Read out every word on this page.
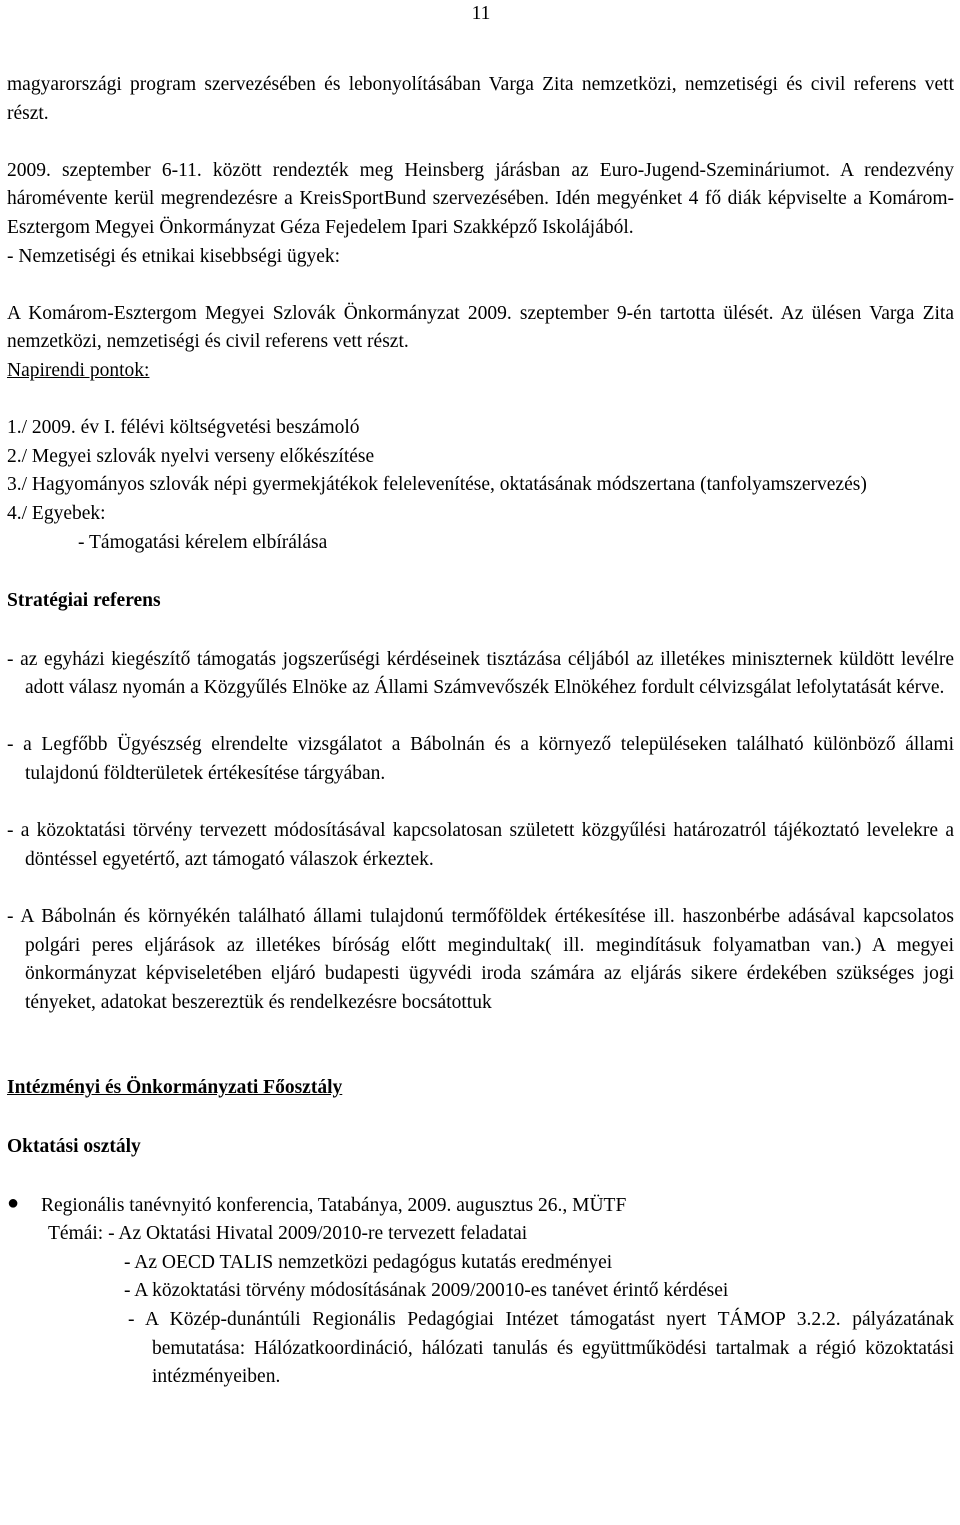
11

magyarországi program szervezésében és lebonyolításában Varga Zita nemzetközi, nemzetiségi és civil referens vett részt.

2009. szeptember 6-11. között rendezték meg Heinsberg járásban az Euro-Jugend-Szemináriumot. A rendezvény háromévente kerül megrendezésre a KreisSportBund szervezésében. Idén megyénket 4 fő diák képviselte a Komárom-Esztergom Megyei Önkormányzat Géza Fejedelem Ipari Szakképző Iskolájából.

- Nemzetiségi és etnikai kisebbségi ügyek:

A Komárom-Esztergom Megyei Szlovák Önkormányzat 2009. szeptember 9-én tartotta ülését. Az ülésen Varga Zita nemzetközi, nemzetiségi és civil referens vett részt.

Napirendi pontok:

1./ 2009. év I. félévi költségvetési beszámoló

2./ Megyei szlovák nyelvi verseny előkészítése

3./ Hagyományos szlovák népi gyermekjátékok felelevenítése, oktatásának módszertana (tanfolyamszervezés)

4./ Egyebek:

- Támogatási kérelem elbírálása

Stratégiai referens

- az egyházi kiegészítő támogatás jogszerűségi kérdéseinek tisztázása céljából az illetékes miniszternek küldött levélre adott válasz nyomán a Közgyűlés Elnöke az Állami Számvevőszék Elnökéhez fordult célvizsgálat lefolytatását kérve.

- a Legfőbb Ügyészség elrendelte vizsgálatot a Bábolnán és a környező településeken található különböző állami tulajdonú földterületek értékesítése tárgyában.

- a közoktatási törvény tervezett módosításával kapcsolatosan született közgyűlési határozatról tájékoztató levelekre a döntéssel egyetértő, azt támogató válaszok érkeztek.

- A Bábolnán és környékén található állami tulajdonú termőföldek értékesítése ill. haszonbérbe adásával kapcsolatos polgári peres eljárások az illetékes bíróság előtt megindultak( ill. megindításuk folyamatban van.) A megyei önkormányzat képviseletében eljáró budapesti ügyvédi iroda számára az eljárás sikere érdekében szükséges jogi tényeket, adatokat beszereztük és rendelkezésre bocsátottuk

Intézményi és Önkormányzati Főosztály

Oktatási osztály

● Regionális tanévnyitó konferencia, Tatabánya, 2009. augusztus 26., MÜTF

Témái: - Az Oktatási Hivatal 2009/2010-re tervezett feladatai

- Az OECD TALIS nemzetközi pedagógus kutatás eredményei

- A közoktatási törvény módosításának 2009/20010-es tanévet érintő kérdései

- A Közép-dunántúli Regionális Pedagógiai Intézet támogatást nyert TÁMOP 3.2.2. pályázatának bemutatása: Hálózatkoordináció, hálózati tanulás és együttműködési tartalmak a régió közoktatási intézményeiben.
